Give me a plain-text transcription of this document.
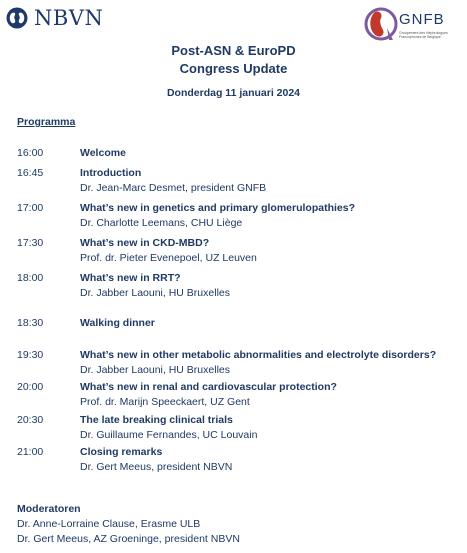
NBVN	GNFB
Groupement des Néphrologues Francophones de Belgique
Post-ASN & EuroPD
Congress Update
Donderdag 11 januari 2024
Programma
16:00	Welcome
16:45	Introduction
Dr. Jean-Marc Desmet, president GNFB
17:00	What’s new in genetics and primary glomerulopathies?
Dr. Charlotte Leemans, CHU Liège
17:30	What’s new in CKD-MBD?
Prof. dr. Pieter Evenepoel, UZ Leuven
18:00	What’s new in RRT?
Dr. Jabber Laouni, HU Bruxelles
18:30	Walking dinner
19:30	What’s new in other metabolic abnormalities and electrolyte disorders?
Dr. Jabber Laouni, HU Bruxelles
20:00	What’s new in renal and cardiovascular protection?
Prof. dr. Marijn Speeckaert, UZ Gent
20:30	The late breaking clinical trials
Dr. Guillaume Fernandes, UC Louvain
21:00	Closing remarks
Dr. Gert Meeus, president NBVN
Moderatoren
Dr. Anne-Lorraine Clause, Erasme ULB
Dr. Gert Meeus, AZ Groeninge, president NBVN
